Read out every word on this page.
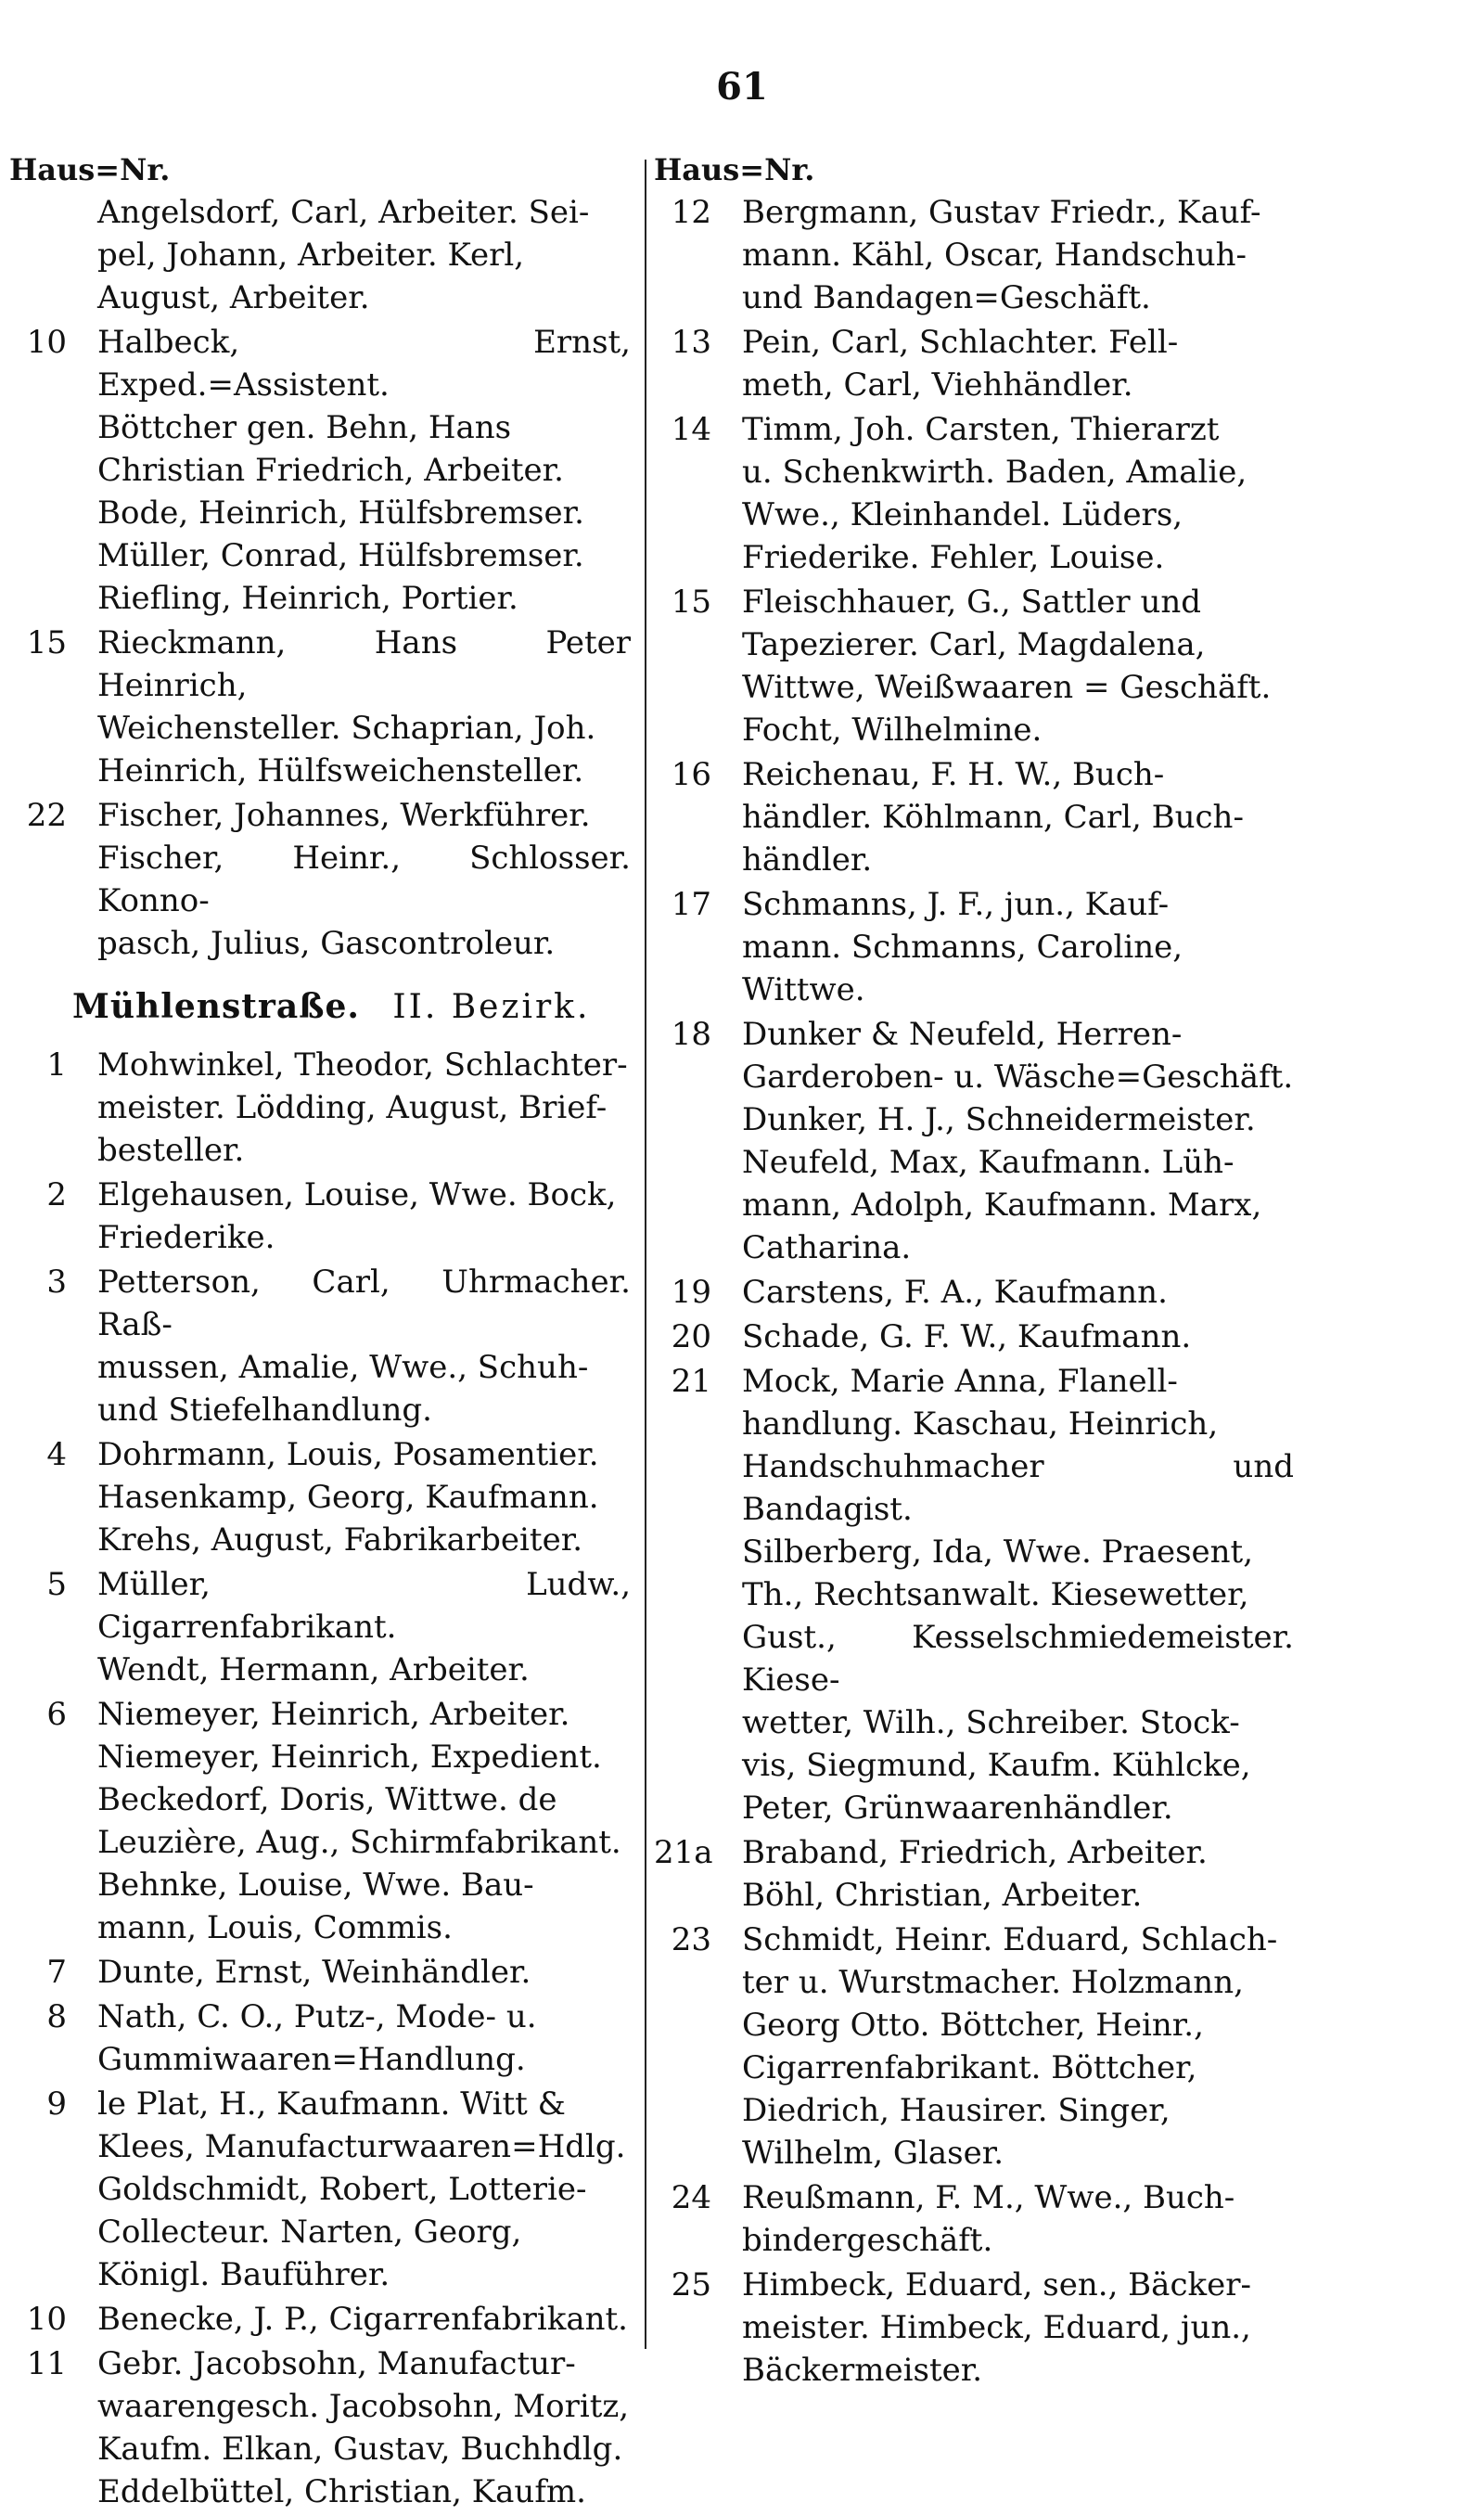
61
Haus=Nr.
Angelsdorf, Carl, Arbeiter. Sei-
pel, Johann, Arbeiter. Kerl,
August, Arbeiter.
10 Halbeck, Ernst, Exped.=Assistent.
Böttcher gen. Behn, Hans
Christian Friedrich, Arbeiter.
Bode, Heinrich, Hülfsbremser.
Müller, Conrad, Hülfsbremser.
Riefling, Heinrich, Portier.
15 Rieckmann, Hans Peter Heinrich,
Weichensteller. Schaprian, Joh.
Heinrich, Hülfsweichensteller.
22 Fischer, Johannes, Werkführer.
Fischer, Heinr., Schlosser. Konno-
pasch, Julius, Gascontroleur.
Mühlenstraße. II. Bezirk.
1 Mohwinkel, Theodor, Schlachter-
meister. Lödding, August, Brief-
besteller.
2 Elgehausen, Louise, Wwe. Bock,
Friederike.
3 Petterson, Carl, Uhrmacher. Raß-
mussen, Amalie, Wwe., Schuh-
und Stiefelhandlung.
4 Dohrmann, Louis, Posamentier.
Hasenkamp, Georg, Kaufmann.
Krehs, August, Fabrikarbeiter.
5 Müller, Ludw., Cigarrenfabrikant.
Wendt, Hermann, Arbeiter.
6 Niemeyer, Heinrich, Arbeiter.
Niemeyer, Heinrich, Expedient.
Beckedorf, Doris, Wittwe. de
Leuzière, Aug., Schirmfabrikant.
Behnke, Louise, Wwe. Bau-
mann, Louis, Commis.
7 Dunte, Ernst, Weinhändler.
8 Nath, C. O., Putz-, Mode- u.
Gummiwaaren=Handlung.
9 le Plat, H., Kaufmann. Witt &
Klees, Manufacturwaaren=Hdlg.
Goldschmidt, Robert, Lotterie-
Collecteur. Narten, Georg,
Königl. Bauführer.
10 Benecke, J. P., Cigarrenfabrikant.
11 Gebr. Jacobsohn, Manufactur-
waarengesch. Jacobsohn, Moritz,
Kaufm. Elkan, Gustav, Buchhdlg.
Eddelbüttel, Christian, Kaufm.
Haus=Nr.
12 Bergmann, Gustav Friedr., Kauf-
mann. Kähl, Oscar, Handschuh-
und Bandagen=Geschäft.
13 Pein, Carl, Schlachter. Fell-
meth, Carl, Viehhändler.
14 Timm, Joh. Carsten, Thierarzt
u. Schenkwirth. Baden, Amalie,
Wwe., Kleinhandel. Lüders,
Friederike. Fehler, Louise.
15 Fleischhauer, G., Sattler und
Tapezierer. Carl, Magdalena,
Wittwe, Weißwaaren = Geschäft.
Focht, Wilhelmine.
16 Reichenau, F. H. W., Buch-
händler. Köhlmann, Carl, Buch-
händler.
17 Schmanns, J. F., jun., Kauf-
mann. Schmanns, Caroline,
Wittwe.
18 Dunker & Neufeld, Herren-
Garderoben- u. Wäsche=Geschäft.
Dunker, H. J., Schneidermeister.
Neufeld, Max, Kaufmann. Lüh-
mann, Adolph, Kaufmann. Marx,
Catharina.
19 Carstens, F. A., Kaufmann.
20 Schade, G. F. W., Kaufmann.
21 Mock, Marie Anna, Flanell-
handlung. Kaschau, Heinrich,
Handschuhmacher und Bandagist.
Silberberg, Ida, Wwe. Praesent,
Th., Rechtsanwalt. Kiesewetter,
Gust., Kesselschmiedemeister. Kiese-
wetter, Wilh., Schreiber. Stock-
vis, Siegmund, Kaufm. Kühlcke,
Peter, Grünwaarenhändler.
21a Braband, Friedrich, Arbeiter.
Böhl, Christian, Arbeiter.
23 Schmidt, Heinr. Eduard, Schlach-
ter u. Wurstmacher. Holzmann,
Georg Otto. Böttcher, Heinr.,
Cigarrenfabrikant. Böttcher,
Diedrich, Hausirer. Singer,
Wilhelm, Glaser.
24 Reußmann, F. M., Wwe., Buch-
bindergeschäft.
25 Himbeck, Eduard, sen., Bäcker-
meister. Himbeck, Eduard, jun.,
Bäckermeister.
